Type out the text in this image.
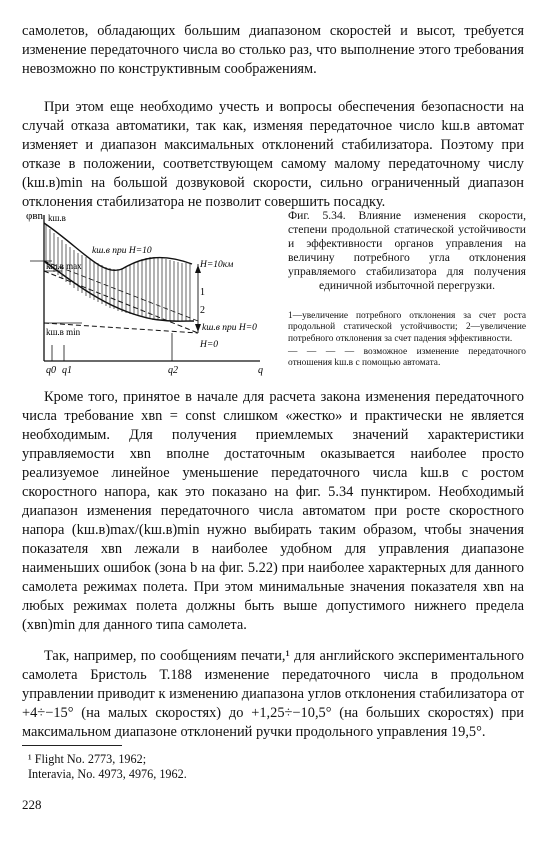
самолетов, обладающих большим диапазоном скоростей и высот, требуется изменение передаточного числа во столько раз, что выполнение этого требования невозможно по конструктивным соображениям.

При этом еще необходимо учесть и вопросы обеспечения безопасности на случай отказа автоматики, так как, изменяя передаточное число kш.в автомат изменяет и диапазон максимальных отклонений стабилизатора. Поэтому при отказе в положении, соответствующем самому малому передаточному числу (kш.в)min на большой дозвуковой скорости, сильно ограниченный диапазон отклонения стабилизатора не позволит совершить посадку.

φвn kш.в
kш.в при H=10
H=10км
kш.в max
1
2
kш.в при H=0
kш.в min
H=0
q0 q1	q2	q

Фиг. 5.34. Влияние изменения скорости, степени продольной статической устойчивости и эффективности органов управления на величину потребного угла отклонения управляемого стабилизатора для получения единичной избыточной перегрузки.

1—увеличение потребного отклонения за счет роста продольной статической устойчивости; 2—увеличение потребного отклонения за счет падения эффективности.

— — — — возможное изменение передаточного отношения kш.в с помощью автомата.

Кроме того, принятое в начале для расчета закона изменения передаточного числа требование xвn = const слишком «жестко» и практически не является необходимым. Для получения приемлемых значений характеристики управляемости xвn вполне достаточным оказывается наиболее просто реализуемое линейное уменьшение передаточного числа kш.в с ростом скоростного напора, как это показано на фиг. 5.34 пунктиром. Необходимый диапазон изменения передаточного числа автоматом при росте скоростного напора (kш.в)max/(kш.в)min нужно выбирать таким образом, чтобы значения показателя xвn лежали в наиболее удобном для управления диапазоне наименьших ошибок (зона b на фиг. 5.22) при наиболее характерных для данного самолета режимах полета. При этом минимальные значения показателя xвn на любых режимах полета должны быть выше допустимого нижнего предела (xвn)min для данного типа самолета.

Так, например, по сообщениям печати,¹ для английского экспериментального самолета Бристоль Т.188 изменение передаточного числа в продольном управлении приводит к изменению диапазона углов отклонения стабилизатора от +4÷−15° (на малых скоростях) до +1,25÷−10,5° (на больших скоростях) при максимальном диапазоне отклонений ручки продольного управления 19,5°.

¹ Flight No. 2773, 1962;

Interavia, No. 4973, 4976, 1962.

228
